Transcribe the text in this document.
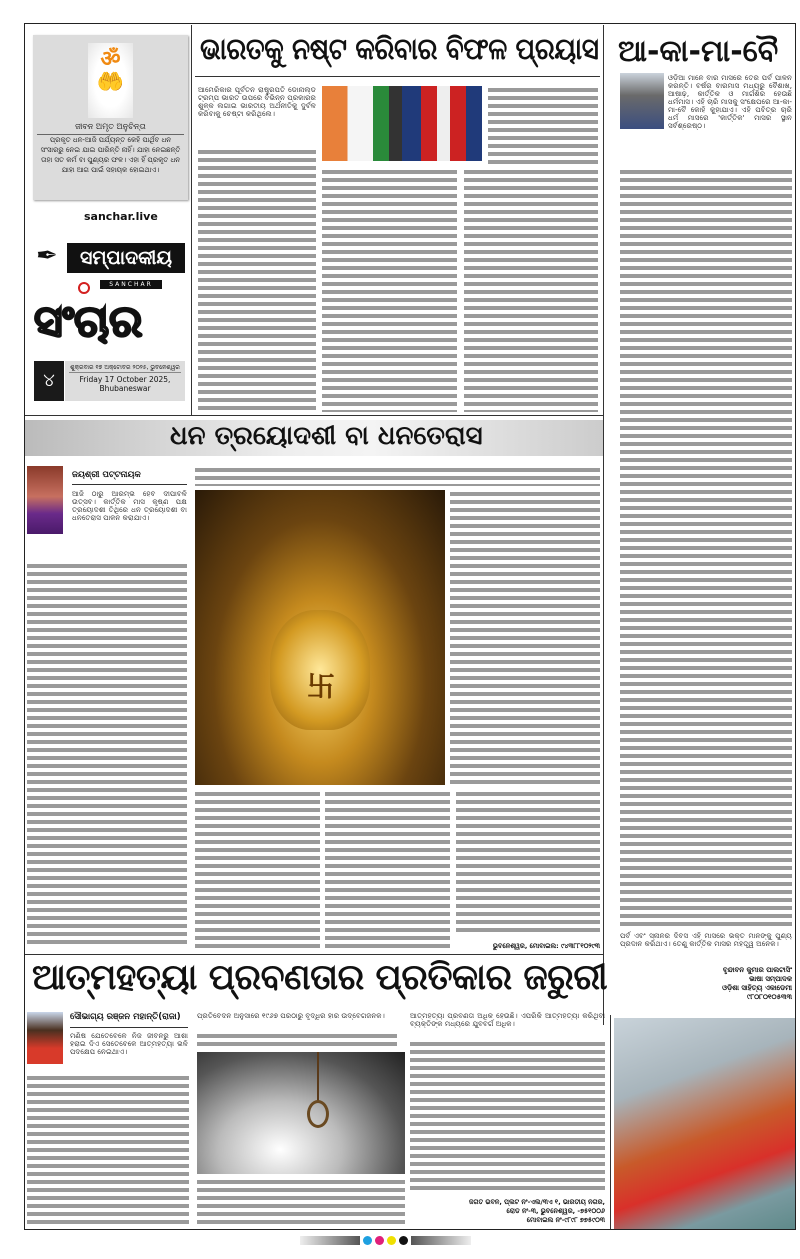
ॐ
🤲
ଜୀବନ ଅମୃତ ଅନୁଚିନ୍ତା
ପ୍ରକୃତ ଧନ-ଆଜି ପର୍ଯ୍ୟନ୍ତ କେହି ପାର୍ଥିବ ଧନ ସଂସାରରୁ ନେଇ ଯାଇ ପାରିନ୍ତି ନାହିଁ। ଯାହା ନେଇଛନ୍ତି ତାହା ସତ କର୍ମ ବା ପୁଣ୍ୟର ଫଳ। ଏହା ହିଁ ପ୍ରକୃତ ଧନ ଯାହା ଆଗ ପାଇଁ ସହାୟକ ହୋଇଥାଏ।
sanchar.live
✒	ସମ୍ପାଦକୀୟ
SANCHAR
ସଂଚାର
୪
ଶୁକ୍ରବାର ୧୭ ଅକ୍ଟୋବର ୨୦୨୫, ଭୁବନେଶ୍ୱର
Friday 17 October 2025,
Bhubaneswar
ଭାରତକୁ ନଷ୍ଟ କରିବାର ବିଫଳ ପ୍ରୟାସ
ଆମେରିକାର ପୂର୍ବତନ ରାଷ୍ଟ୍ରପତି ଡୋନାଲ୍ଡ ଟ୍ରମ୍ପ ଭାରତ ଉପରେ ବିଭିନ୍ନ ପ୍ରକାରର ଶୁଳ୍କ ଲଗାଇ ଭାରତୀୟ ଅର୍ଥନୀତିକୁ ଦୁର୍ବଳ କରିବାକୁ ଚେଷ୍ଟା କରିଥିଲେ।
ଆ-କା-ମା-ବୈ
ଓଡ଼ିଆ ମାନେ ବାର ମାସରେ ତେର ପର୍ବ ପାଳନ କରନ୍ତି। ବର୍ଷର ବାରମାସ ମଧ୍ୟରୁ ବୈଶାଖ, ଆଷାଢ଼, କାର୍ତ୍ତିକ ଓ ମାର୍ଗଶିର ହେଉଛି ଧର୍ମମାସ। ଏହି ଚାରି ମାସକୁ ସଂକ୍ଷେପରେ ଆ-କା-ମା-ବୈ କୋହି କୁହାଯାଏ। ଏହି ପବିତ୍ର ଚାରି ଧର୍ମ ମାସରେ 'କାର୍ତ୍ତିକ' ମାସର ସ୍ଥାନ ସର୍ବଶ୍ରେଷ୍ଠ।
ପର୍ବ ଏବଂ ସ୍ନାନର ଦିବସ ଏହି ମାସରେ ଭକ୍ତ ମାନଙ୍କୁ ପୁଣ୍ୟ ପ୍ରଦାନ କରିଥାଏ। ତେଣୁ କାର୍ତ୍ତିକ ମାସର ମହତ୍ତ୍ୱ ଅନେକ।
ବୃନ୍ଦାବନ କୁମାର ପାଲଟାସିଂ
ଭାଷା ସମ୍ପାଦକ
ଓଡ଼ିଶା ସାହିତ୍ୟ ଏକାଡେମୀ
୯୮୦୮୦୧୦୫୩୩
ଧନ ତ୍ରୟୋଦଶୀ ବା ଧନତେରାସ
ଜୟଶ୍ରୀ ପଟ୍ଟନାୟକ
ଆଜି ଠାରୁ ଆରମ୍ଭ ହେବ ଦୀପାବଳି ଉତ୍ସବ। କାର୍ତ୍ତିକ ମାସ କୃଷ୍ଣ ପକ୍ଷ ତ୍ରୟୋଦଶୀ ତିଥିରେ ଧନ ତ୍ରୟୋଦଶୀ ବା ଧନତେରାସ ପାଳନ କରାଯାଏ।
卐
ଭୁବନେଶ୍ୱର, ମୋବାଇଲ: ୯୪୩୮୮୧୦୨୯୩
ଆତ୍ମହତ୍ୟା ପ୍ରବଣତାର ପ୍ରତିକାର ଜରୁରୀ
ସୌଭାଗ୍ୟ ରଞ୍ଜନ ମହାନ୍ତି(ରାଜା)
ମଣିଷ ଯେତେବେଳେ ନିଜ ଜୀବନରୁ ଆଶା ହରାଇ ଦିଏ ସେତେବେଳେ ଆତ୍ମହତ୍ୟା ଭଳି ପଦକ୍ଷେପ ନେଇଥାଏ।
ପ୍ରତିବେଦନ ଅନୁସାରେ ୧୯୬୭ ପରଠାରୁ ବୃଦ୍ଧିର ହାର ଉଦ୍‌ବେଗଜନକ।	ଆତ୍ମହତ୍ୟା ପ୍ରବଣତା ଅଧିକ ହେଉଛି। ଏପରିକି ଆତ୍ମହତ୍ୟା କରିଥିବା ବ୍ୟକ୍ତିଙ୍କ ମଧ୍ୟରେ ଯୁବବର୍ଗ ଅଧିକ।
ଜଗତ ଭବନ, ପ୍ଲଟ ନଂ-ଏଲ/୩ଏ ୧, ଭାରତୀୟ ନଗର,
ରୋଡ ନଂ-୩, ଭୁବନେଶ୍ୱର, -୭୫୧୦୦୬
ମୋବାଇଲ ନଂ-୯୮୯୮ ୭୭୫୯୦୩
